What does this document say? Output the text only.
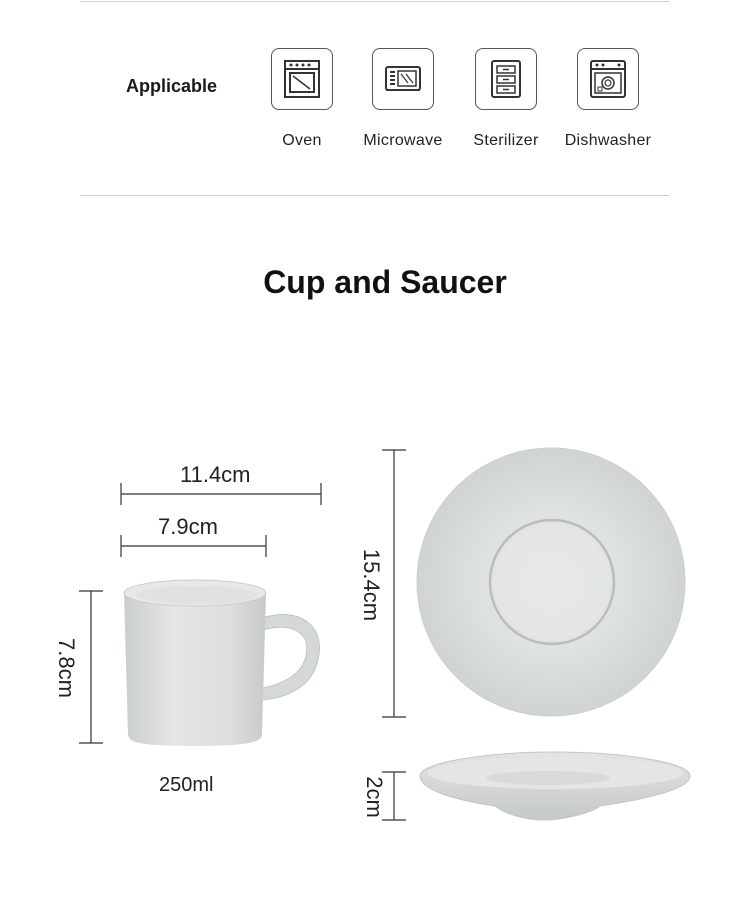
Applicable
Oven	Microwave	Sterilizer	Dishwasher
Cup and Saucer
11.4cm
7.9cm
7.8cm
250ml
15.4cm
2cm
